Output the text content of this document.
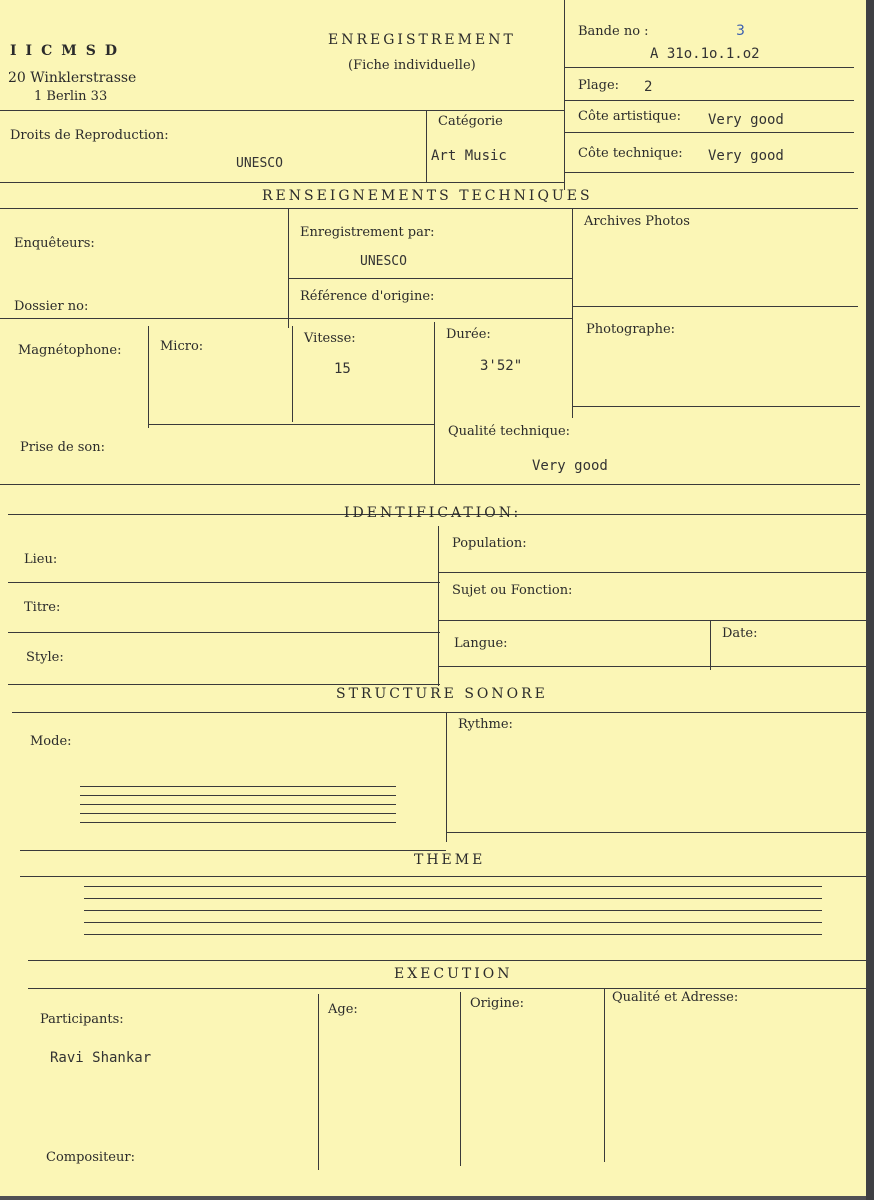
IICMSD
20 Winklerstrasse
1 Berlin 33
ENREGISTREMENT
(Fiche individuelle)
Bande no :
A 31o.1o.1.o2
3
Plage: 2
Droits de Reproduction:
UNESCO
Catégorie
Art Music
Côte artistique: Very good
Côte technique: Very good
RENSEIGNEMENTS TECHNIQUES
Enquêteurs:
Dossier no:
Enregistrement par:
UNESCO
Référence d'origine:
Archives Photos
Magnétophone:	Micro:
Vitesse:
15
Durée:
3'52"
Photographe:
Prise de son:
Qualité technique:
Very good
IDENTIFICATION:
Lieu:
Population:
Titre:
Sujet ou Fonction:
Style:
Langue:
Date:
STRUCTURE SONORE
Mode:
Rythme:
THEME
EXECUTION
Participants:
Ravi Shankar
Age:	Origine:	Qualité et Adresse:
Compositeur:
